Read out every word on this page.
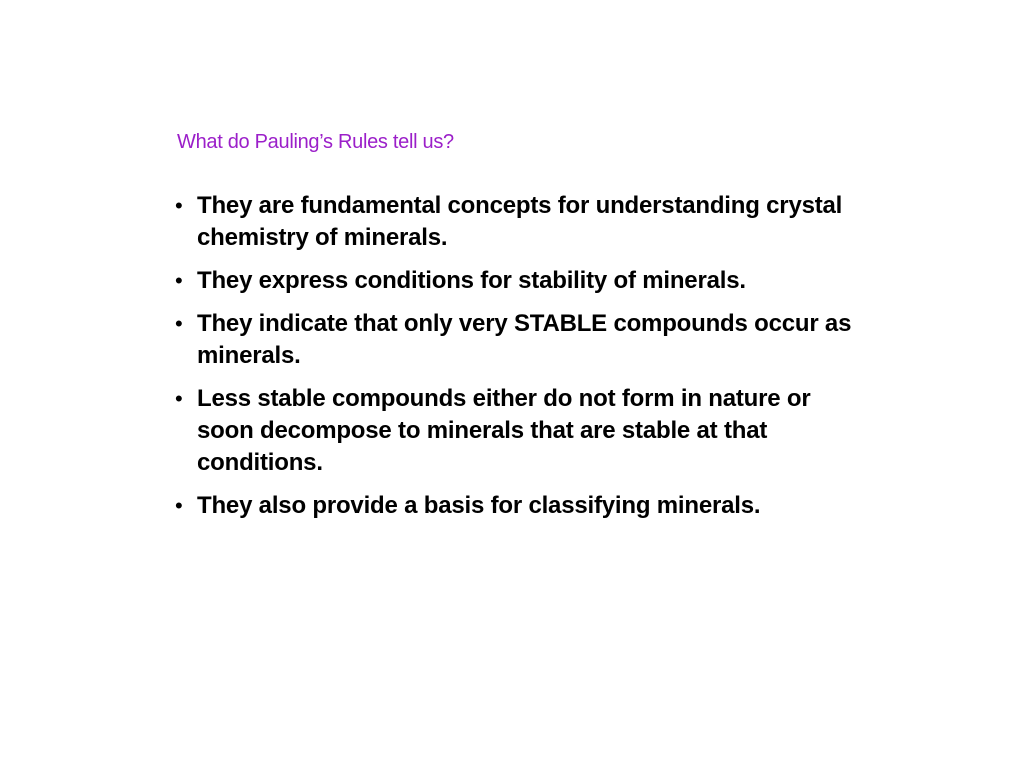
What do Pauling’s Rules tell us?
• They are fundamental concepts for understanding crystal chemistry of minerals.
• They express conditions for stability of minerals.
• They indicate that only very STABLE compounds occur as minerals.
• Less stable compounds either do not form in nature or soon decompose to minerals that are stable at that conditions.
• They also provide a basis for classifying minerals.
